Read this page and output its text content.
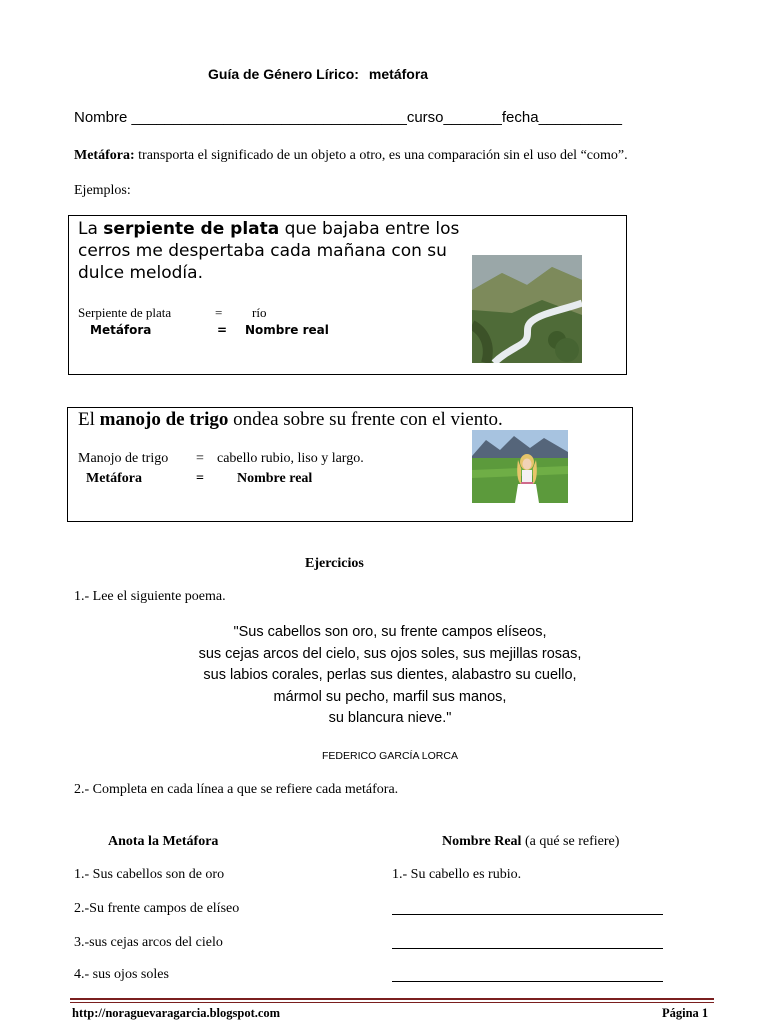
Guía de Género Lírico: metáfora
Nombre _________________________________curso_______fecha__________
Metáfora: transporta el significado de un objeto a otro, es una comparación sin el uso del “como”.
Ejemplos:
La serpiente de plata que bajaba entre los cerros me despertaba cada mañana con su dulce melodía.
Serpiente de plata	= río
Metáfora	= Nombre real
El manojo de trigo ondea sobre su frente con el viento.
Manojo de trigo = cabello rubio, liso y largo.
Metáfora	= Nombre real
Ejercicios
1.- Lee el siguiente poema.
"Sus cabellos son oro, su frente campos elíseos,
sus cejas arcos del cielo, sus ojos soles, sus mejillas rosas,
sus labios corales, perlas sus dientes, alabastro su cuello,
mármol su pecho, marfil sus manos,
su blancura nieve."
FEDERICO GARCÍA LORCA
2.- Completa en cada línea a que se refiere cada metáfora.
Anota la Metáfora	Nombre Real (a qué se refiere)
1.- Sus cabellos son de oro	1.- Su cabello es rubio.
2.-Su frente campos de elíseo
3.-sus cejas arcos del cielo
4.- sus ojos soles
http://noraguevaragarcia.blogspot.com	Página 1
